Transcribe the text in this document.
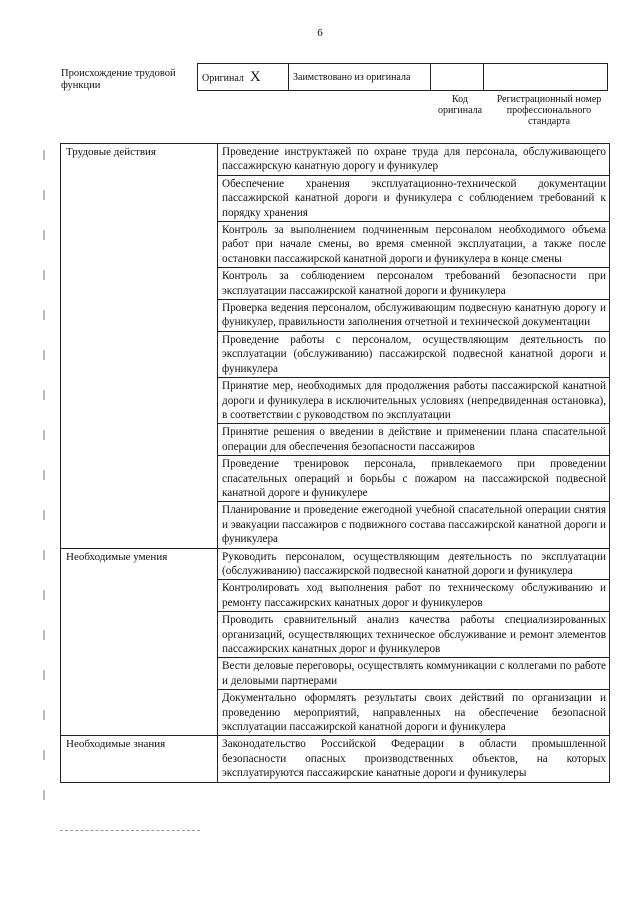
6
Происхождение трудовой функции
Оригинал X	Заимствовано из оригинала		
Код оригинала
Регистрационный номер профессионального стандарта
Трудовые действия	Проведение инструктажей по охране труда для персонала, обслуживающего пассажирскую канатную дорогу и фуникулер
	Обеспечение хранения эксплуатационно-технической документации пассажирской канатной дороги и фуникулера с соблюдением требований к порядку хранения
	Контроль за выполнением подчиненным персоналом необходимого объема работ при начале смены, во время сменной эксплуатации, а также после остановки пассажирской канатной дороги и фуникулера в конце смены
	Контроль за соблюдением персоналом требований безопасности при эксплуатации пассажирской канатной дороги и фуникулера
	Проверка ведения персоналом, обслуживающим подвесную канатную дорогу и фуникулер, правильности заполнения отчетной и технической документации
	Проведение работы с персоналом, осуществляющим деятельность по эксплуатации (обслуживанию) пассажирской подвесной канатной дороги и фуникулера
	Принятие мер, необходимых для продолжения работы пассажирской канатной дороги и фуникулера в исключительных условиях (непредвиденная остановка), в соответствии с руководством по эксплуатации
	Принятие решения о введении в действие и применении плана спасательной операции для обеспечения безопасности пассажиров
	Проведение тренировок персонала, привлекаемого при проведении спасательных операций и борьбы с пожаром на пассажирской подвесной канатной дороге и фуникулере
	Планирование и проведение ежегодной учебной спасательной операции снятия и эвакуации пассажиров с подвижного состава пассажирской канатной дороги и фуникулера
Необходимые умения	Руководить персоналом, осуществляющим деятельность по эксплуатации (обслуживанию) пассажирской подвесной канатной дороги и фуникулера
	Контролировать ход выполнения работ по техническому обслуживанию и ремонту пассажирских канатных дорог и фуникулеров
	Проводить сравнительный анализ качества работы специализированных организаций, осуществляющих техническое обслуживание и ремонт элементов пассажирских канатных дорог и фуникулеров
	Вести деловые переговоры, осуществлять коммуникации с коллегами по работе и деловыми партнерами
	Документально оформлять результаты своих действий по организации и проведению мероприятий, направленных на обеспечение безопасной эксплуатации пассажирской канатной дороги и фуникулера
Необходимые знания	Законодательство Российской Федерации в области промышленной безопасности опасных производственных объектов, на которых эксплуатируются пассажирские канатные дороги и фуникулеры
